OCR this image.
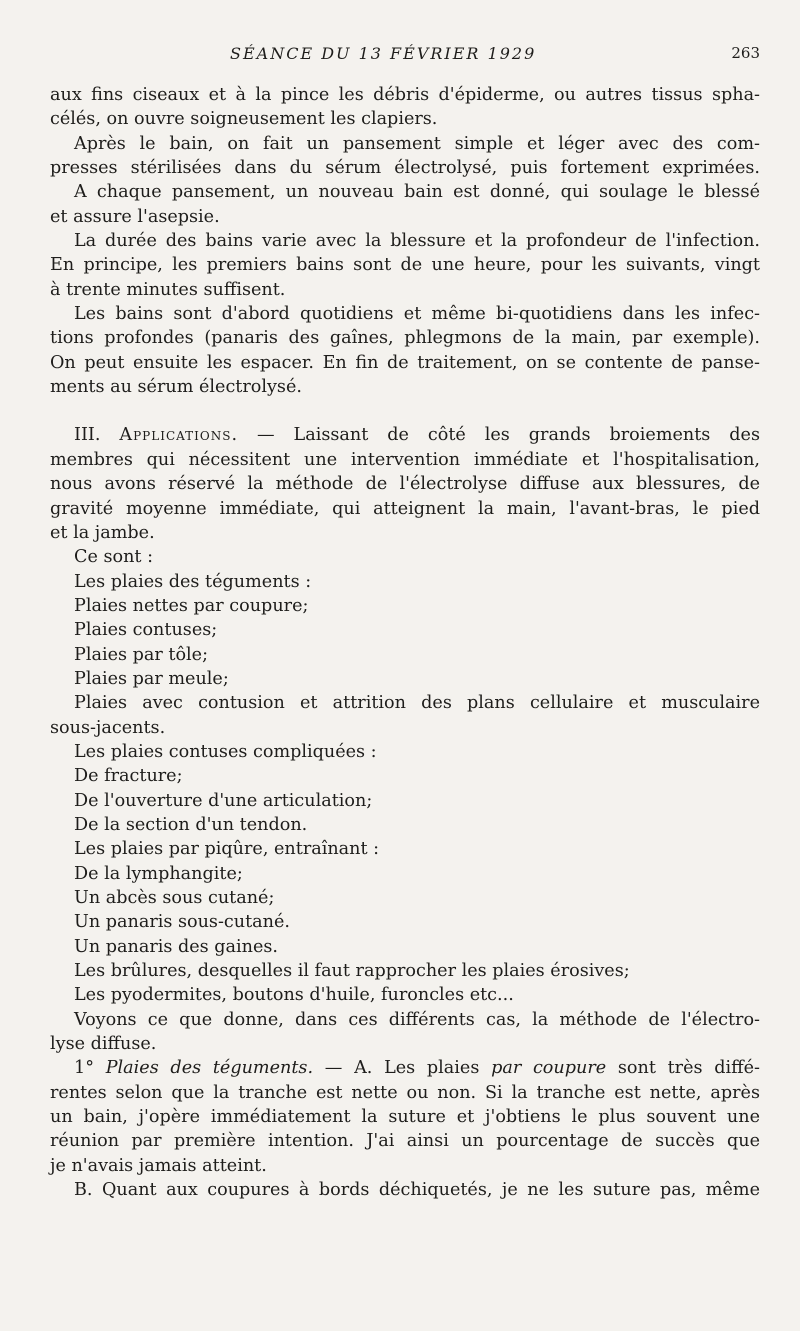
SÉANCE DU 13 FÉVRIER 1929	263
aux fins ciseaux et à la pince les débris d'épiderme, ou autres tissus spha-
célés, on ouvre soigneusement les clapiers.
Après le bain, on fait un pansement simple et léger avec des com-
presses stérilisées dans du sérum électrolysé, puis fortement exprimées.
A chaque pansement, un nouveau bain est donné, qui soulage le blessé
et assure l'asepsie.
La durée des bains varie avec la blessure et la profondeur de l'infection.
En principe, les premiers bains sont de une heure, pour les suivants, vingt
à trente minutes suffisent.
Les bains sont d'abord quotidiens et même bi-quotidiens dans les infec-
tions profondes (panaris des gaînes, phlegmons de la main, par exemple).
On peut ensuite les espacer. En fin de traitement, on se contente de panse-
ments au sérum électrolysé.
III. Applications. — Laissant de côté les grands broiements des
membres qui nécessitent une intervention immédiate et l'hospitalisation,
nous avons réservé la méthode de l'électrolyse diffuse aux blessures, de
gravité moyenne immédiate, qui atteignent la main, l'avant-bras, le pied
et la jambe.
Ce sont :
Les plaies des téguments :
Plaies nettes par coupure;
Plaies contuses;
Plaies par tôle;
Plaies par meule;
Plaies avec contusion et attrition des plans cellulaire et musculaire
sous-jacents.
Les plaies contuses compliquées :
De fracture;
De l'ouverture d'une articulation;
De la section d'un tendon.
Les plaies par piqûre, entraînant :
De la lymphangite;
Un abcès sous cutané;
Un panaris sous-cutané.
Un panaris des gaines.
Les brûlures, desquelles il faut rapprocher les plaies érosives;
Les pyodermites, boutons d'huile, furoncles etc...
Voyons ce que donne, dans ces différents cas, la méthode de l'électro-
lyse diffuse.
1° Plaies des téguments. — A. Les plaies par coupure sont très diffé-
rentes selon que la tranche est nette ou non. Si la tranche est nette, après
un bain, j'opère immédiatement la suture et j'obtiens le plus souvent une
réunion par première intention. J'ai ainsi un pourcentage de succès que
je n'avais jamais atteint.
B. Quant aux coupures à bords déchiquetés, je ne les suture pas, même
